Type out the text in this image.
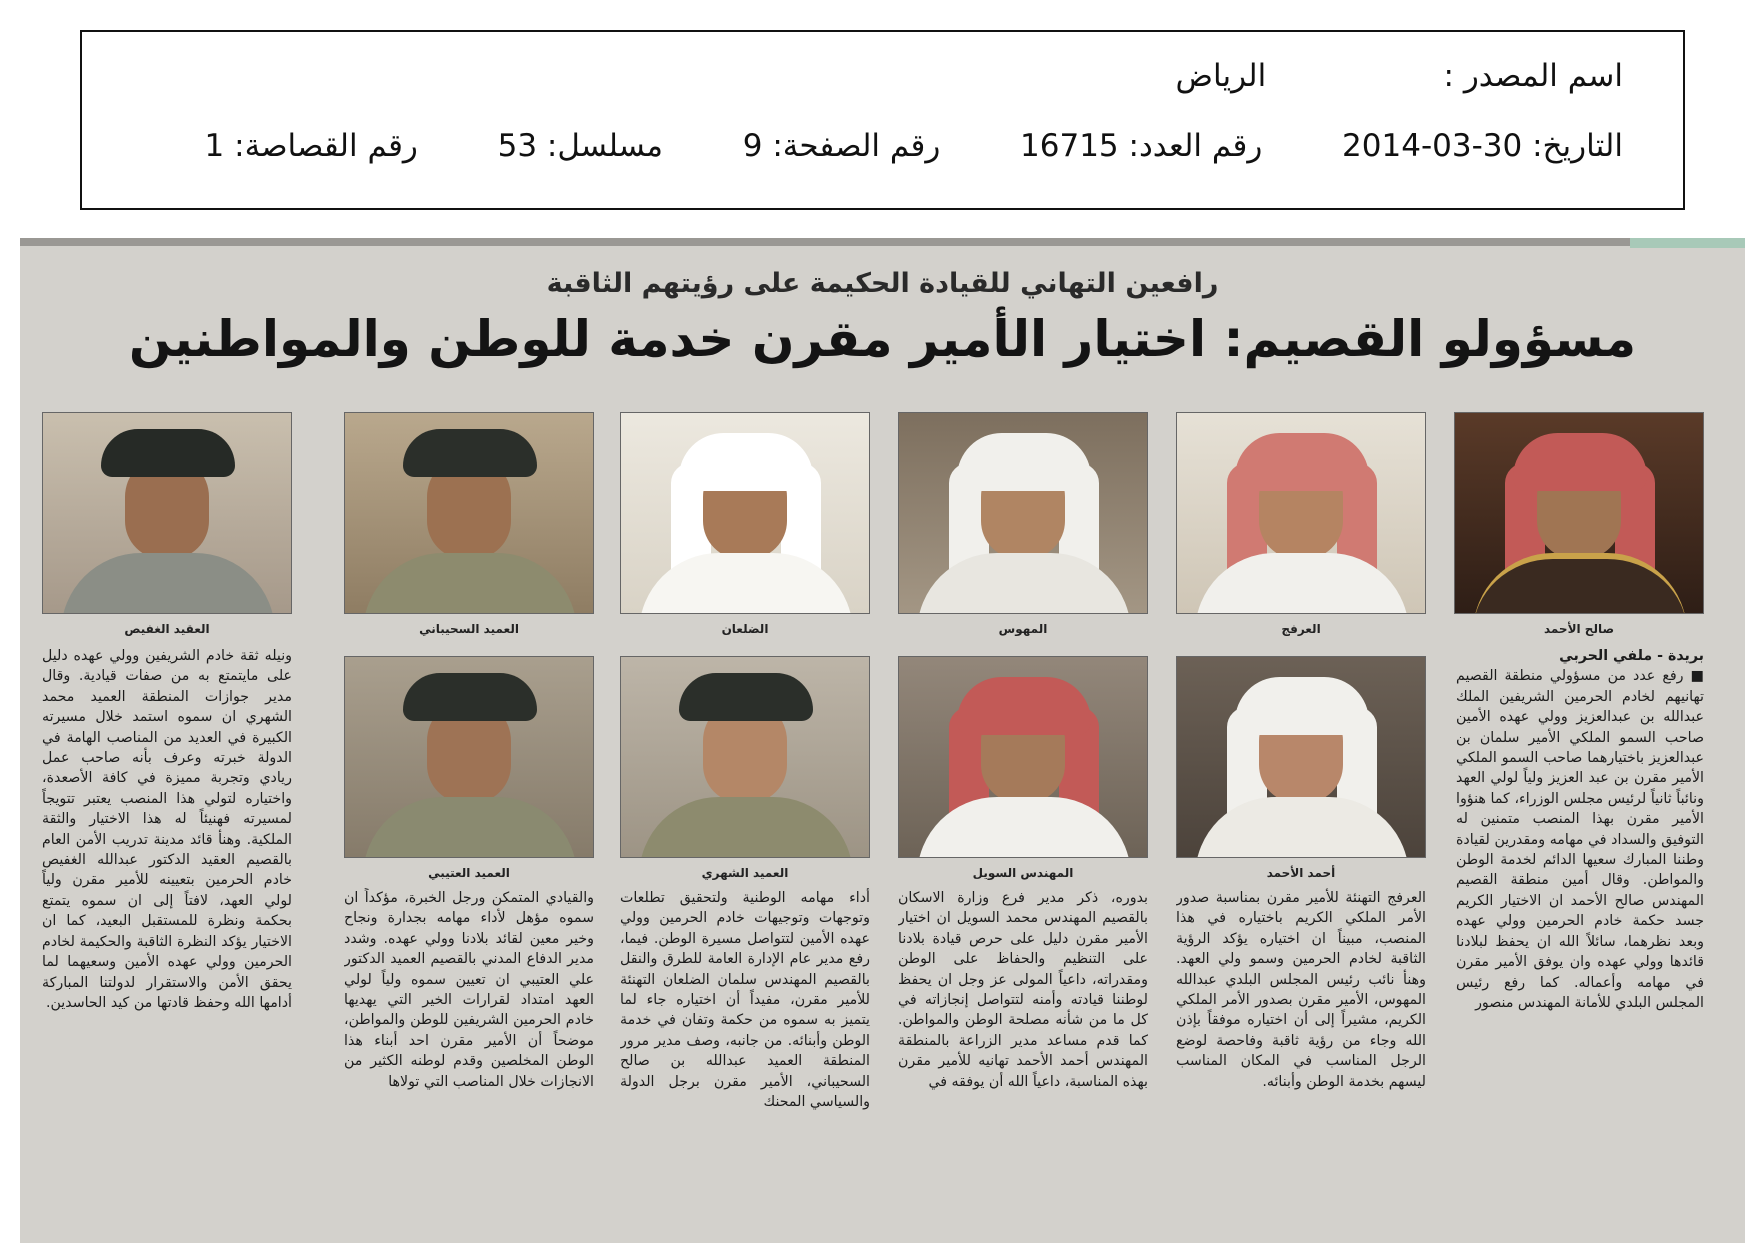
اسم المصدر :  الرياض
التاريخ: 2014-03-30  رقم العدد: 16715  رقم الصفحة: 9  مسلسل: 53  رقم القصاصة: 1
رافعين التهاني للقيادة الحكيمة على رؤيتهم الثاقبة
مسؤولو القصيم: اختيار الأمير مقرن خدمة للوطن والمواطنين
صالح الأحمد
العرفج
المهوس
الضلعان
العميد السحيباني
العقيد الغفيص
أحمد الأحمد
المهندس السويل
العميد الشهري
العميد العتيبي

بريدة - ملفي الحربي

■ رفع عدد من مسؤولي منطقة القصيم تهانيهم لخادم الحرمين الشريفين الملك عبدالله بن عبدالعزيز وولي عهده الأمين صاحب السمو الملكي الأمير سلمان بن عبدالعزيز باختيارهما صاحب السمو الملكي الأمير مقرن بن عبد العزيز ولياً لولي العهد ونائباً ثانياً لرئيس مجلس الوزراء، كما هنؤوا الأمير مقرن بهذا المنصب متمنين له التوفيق والسداد في مهامه ومقدرين لقيادة وطننا المبارك سعيها الدائم لخدمة الوطن والمواطن. وقال أمين منطقة القصيم المهندس صالح الأحمد ان الاختيار الكريم جسد حكمة خادم الحرمين وولي عهده وبعد نظرهما، سائلاً الله ان يحفظ لبلادنا قائدها وولي عهده وان يوفق الأمير مقرن في مهامه وأعماله. كما رفع رئيس المجلس البلدي للأمانة المهندس منصور

العرفج التهنئة للأمير مقرن بمناسبة صدور الأمر الملكي الكريم باختياره في هذا المنصب، مبيناً ان اختياره يؤكد الرؤية الثاقبة لخادم الحرمين وسمو ولي العهد. وهنأ نائب رئيس المجلس البلدي عبدالله المهوس، الأمير مقرن بصدور الأمر الملكي الكريم، مشيراً إلى أن اختياره موفقاً بإذن الله وجاء من رؤية ثاقبة وفاحصة لوضع الرجل المناسب في المكان المناسب ليسهم بخدمة الوطن وأبنائه.

بدوره، ذكر مدير فرع وزارة الاسكان بالقصيم المهندس محمد السويل ان اختيار الأمير مقرن دليل على حرص قيادة بلادنا على التنظيم والحفاظ على الوطن ومقدراته، داعياً المولى عز وجل ان يحفظ لوطننا قيادته وأمنه لتتواصل إنجازاته في كل ما من شأنه مصلحة الوطن والمواطن. كما قدم مساعد مدير الزراعة بالمنطقة المهندس أحمد الأحمد تهانيه للأمير مقرن بهذه المناسبة، داعياً الله أن يوفقه في

أداء مهامه الوطنية ولتحقيق تطلعات وتوجهات وتوجيهات خادم الحرمين وولي عهده الأمين لتتواصل مسيرة الوطن. فيما، رفع مدير عام الإدارة العامة للطرق والنقل بالقصيم المهندس سلمان الضلعان التهنئة للأمير مقرن، مفيداً أن اختياره جاء لما يتميز به سموه من حكمة وتفان في خدمة الوطن وأبنائه. من جانبه، وصف مدير مرور المنطقة العميد عبدالله بن صالح السحيباني، الأمير مقرن برجل الدولة والسياسي المحنك

والقيادي المتمكن ورجل الخبرة، مؤكداً ان سموه مؤهل لأداء مهامه بجدارة ونجاح وخير معين لقائد بلادنا وولي عهده. وشدد مدير الدفاع المدني بالقصيم العميد الدكتور علي العتيبي ان تعيين سموه ولياً لولي العهد امتداد لقرارات الخير التي يهديها خادم الحرمين الشريفين للوطن والمواطن، موضحاً أن الأمير مقرن احد أبناء هذا الوطن المخلصين وقدم لوطنه الكثير من الانجازات خلال المناصب التي تولاها

ونيله ثقة خادم الشريفين وولي عهده دليل على مايتمتع به من صفات قيادية. وقال مدير جوازات المنطقة العميد محمد الشهري ان سموه استمد خلال مسيرته الكبيرة في العديد من المناصب الهامة في الدولة خبرته وعرف بأنه صاحب عمل ريادي وتجربة مميزة في كافة الأصعدة، واختياره لتولي هذا المنصب يعتبر تتويجاً لمسيرته فهنيئاً له هذا الاختيار والثقة الملكية. وهنأ قائد مدينة تدريب الأمن العام بالقصيم العقيد الدكتور عبدالله الغفيص خادم الحرمين بتعيينه للأمير مقرن ولياً لولي العهد، لافتاً إلى ان سموه يتمتع بحكمة ونظرة للمستقبل البعيد، كما ان الاختيار يؤكد النظرة الثاقبة والحكيمة لخادم الحرمين وولي عهده الأمين وسعيهما لما يحقق الأمن والاستقرار لدولتنا المباركة أدامها الله وحفظ قادتها من كيد الحاسدين.
